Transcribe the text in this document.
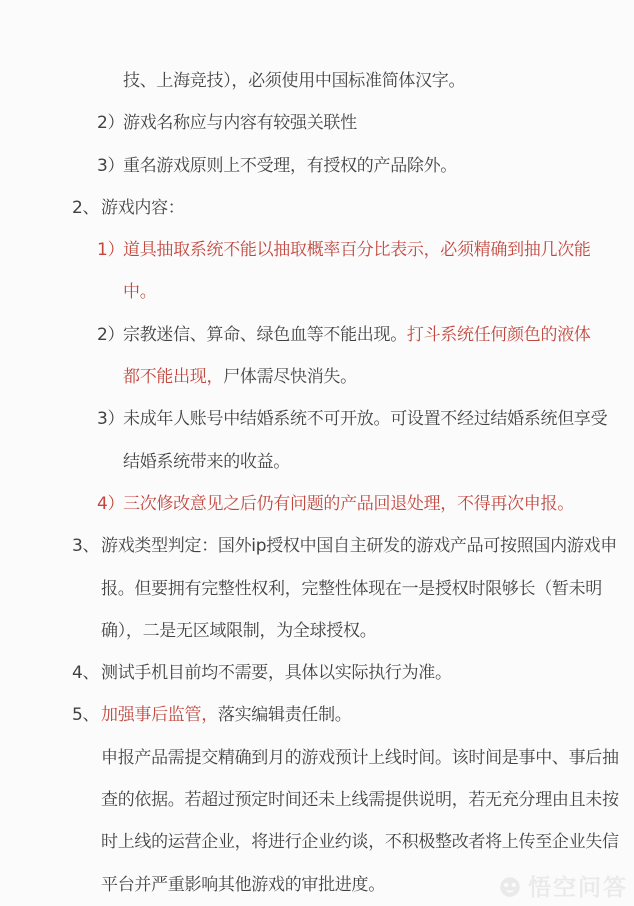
技、上海竞技），必须使用中国标准简体汉字。
2）游戏名称应与内容有较强关联性
3）重名游戏原则上不受理，有授权的产品除外。
2、 游戏内容：
1）道具抽取系统不能以抽取概率百分比表示，必须精确到抽几次能
中。
2）宗教迷信、算命、绿色血等不能出现。打斗系统任何颜色的液体
都不能出现，尸体需尽快消失。
3）未成年人账号中结婚系统不可开放。可设置不经过结婚系统但享受
结婚系统带来的收益。
4）三次修改意见之后仍有问题的产品回退处理，不得再次申报。
3、 游戏类型判定：国外ip授权中国自主研发的游戏产品可按照国内游戏申
报。但要拥有完整性权利，完整性体现在一是授权时限够长（暂未明
确），二是无区域限制，为全球授权。
4、 测试手机目前均不需要，具体以实际执行为准。
5、 加强事后监管，落实编辑责任制。
申报产品需提交精确到月的游戏预计上线时间。该时间是事中、事后抽
查的依据。若超过预定时间还未上线需提供说明，若无充分理由且未按
时上线的运营企业，将进行企业约谈，不积极整改者将上传至企业失信
平台并严重影响其他游戏的审批进度。	悟空问答
